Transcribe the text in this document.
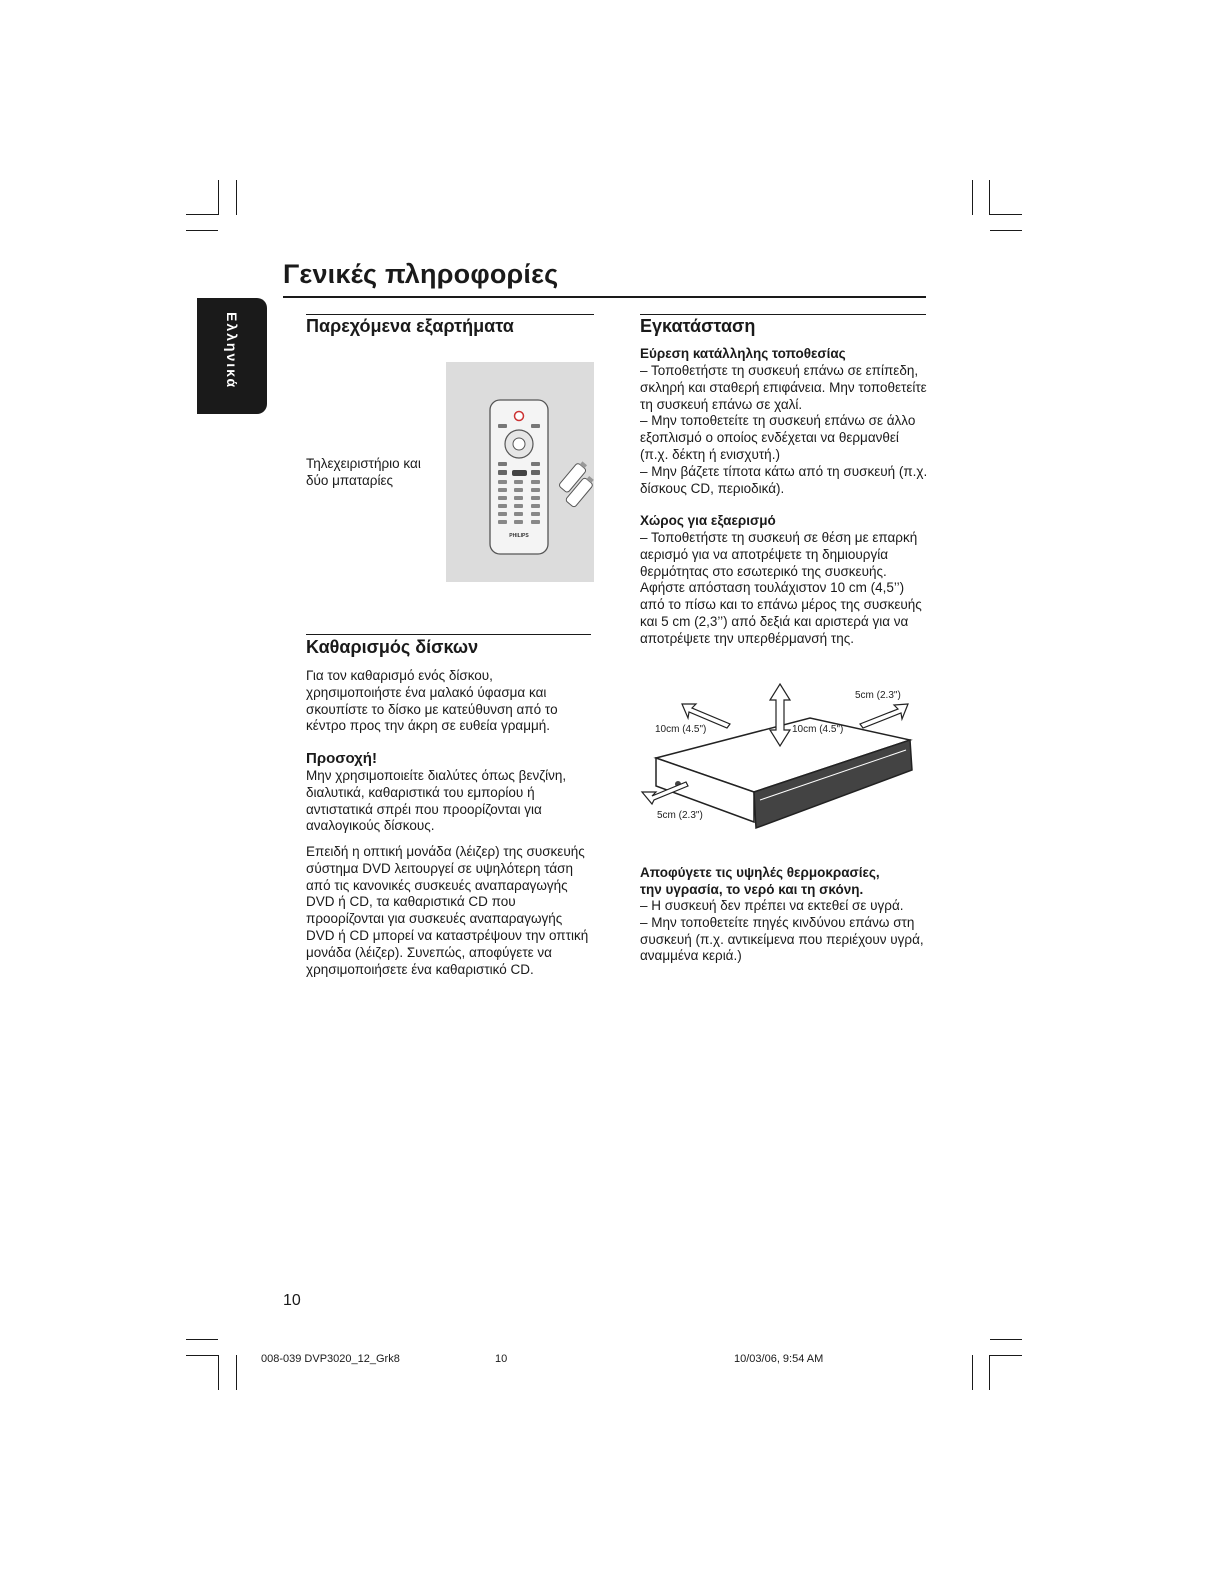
Γενικές πληροφορίες
Ελληνικά	Παρεχόμενα εξαρτήματα

Τηλεχειριστήριο και δύο μπαταρίες

PHILIPS
Καθαρισμός δίσκων

Για τον καθαρισμό ενός δίσκου, χρησιμοποιήστε ένα μαλακό ύφασμα και σκουπίστε το δίσκο με κατεύθυνση από το κέντρο προς την άκρη σε ευθεία γραμμή.

Προσοχή!

Μην χρησιμοποιείτε διαλύτες όπως βενζίνη, διαλυτικά, καθαριστικά του εμπορίου ή αντιστατικά σπρέι που προορίζονται για αναλογικούς δίσκους.

Επειδή η οπτική μονάδα (λέιζερ) της συσκευής σύστημα DVD λειτουργεί σε υψηλότερη τάση από τις κανονικές συσκευές αναπαραγωγής DVD ή CD, τα καθαριστικά CD που προορίζονται για συσκευές αναπαραγωγής DVD ή CD μπορεί να καταστρέψουν την οπτική μονάδα (λέιζερ). Συνεπώς, αποφύγετε να χρησιμοποιήσετε ένα καθαριστικό CD.

Εγκατάσταση
Εύρεση κατάλληλης τοποθεσίας
– Τοποθετήστε τη συσκευή επάνω σε επίπεδη, σκληρή και σταθερή επιφάνεια. Μην τοποθετείτε τη συσκευή επάνω σε χαλί.
– Μην τοποθετείτε τη συσκευή επάνω σε άλλο εξοπλισμό ο οποίος ενδέχεται να θερμανθεί (π.χ. δέκτη ή ενισχυτή.)
– Μην βάζετε τίποτα κάτω από τη συσκευή (π.χ. δίσκους CD, περιοδικά).
Χώρος για εξαερισμό

– Τοποθετήστε τη συσκευή σε θέση με επαρκή αερισμό για να αποτρέψετε τη δημιουργία θερμότητας στο εσωτερικό της συσκευής. Αφήστε απόσταση τουλάχιστον 10 cm (4,5’’) από το πίσω και το επάνω μέρος της συσκευής και 5 cm (2,3’’) από δεξιά και αριστερά για να αποτρέψετε την υπερθέρμανσή της.

5cm (2.3")
10cm (4.5")	10cm (4.5")
5cm (2.3")
Αποφύγετε τις υψηλές θερμοκρασίες,
την υγρασία, το νερό και τη σκόνη.
– Η συσκευή δεν πρέπει να εκτεθεί σε υγρά.
– Μην τοποθετείτε πηγές κινδύνου επάνω στη συσκευή (π.χ. αντικείμενα που περιέχουν υγρά, αναμμένα κεριά.)
10
008-039 DVP3020_12_Grk8	10	10/03/06, 9:54 AM
